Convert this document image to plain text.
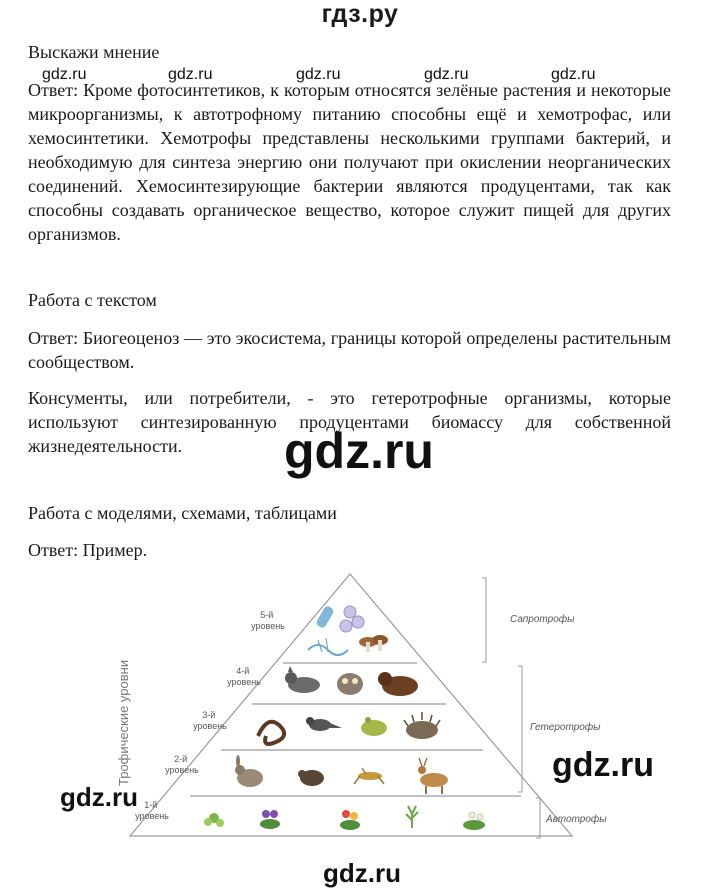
гдз.ру
Выскажи мнение
Ответ: Кроме фотосинтетиков, к которым относятся зелёные растения и некоторые микроорганизмы, к автотрофному питанию способны ещё и хемотрофас, или хемосинтетики. Хемотрофы представлены несколькими группами бактерий, и необходимую для синтеза энергию они получают при окислении неорганических соединений. Хемосинтезирующие бактерии являются продуцентами, так как способны создавать органическое вещество, которое служит пищей для других организмов.
Работа с текстом
Ответ: Биогеоценоз — это экосистема, границы которой определены растительным сообществом.
Консументы, или потребители, - это гетеротрофные организмы, которые используют синтезированную продуцентами биомассу для собственной жизнедеятельности.
Работа с моделями, схемами, таблицами
Ответ: Пример.
gdz.ru	gdz.ru	gdz.ru	gdz.ru	gdz.ru
gdz.ru
gdz.ru
gdz.ru
gdz.ru
Трофические уровни
5-й уровень
4-й уровень
3-й уровень
2-й уровень
1-й уровень
Сапротрофы
Гетеротрофы
Автотрофы
